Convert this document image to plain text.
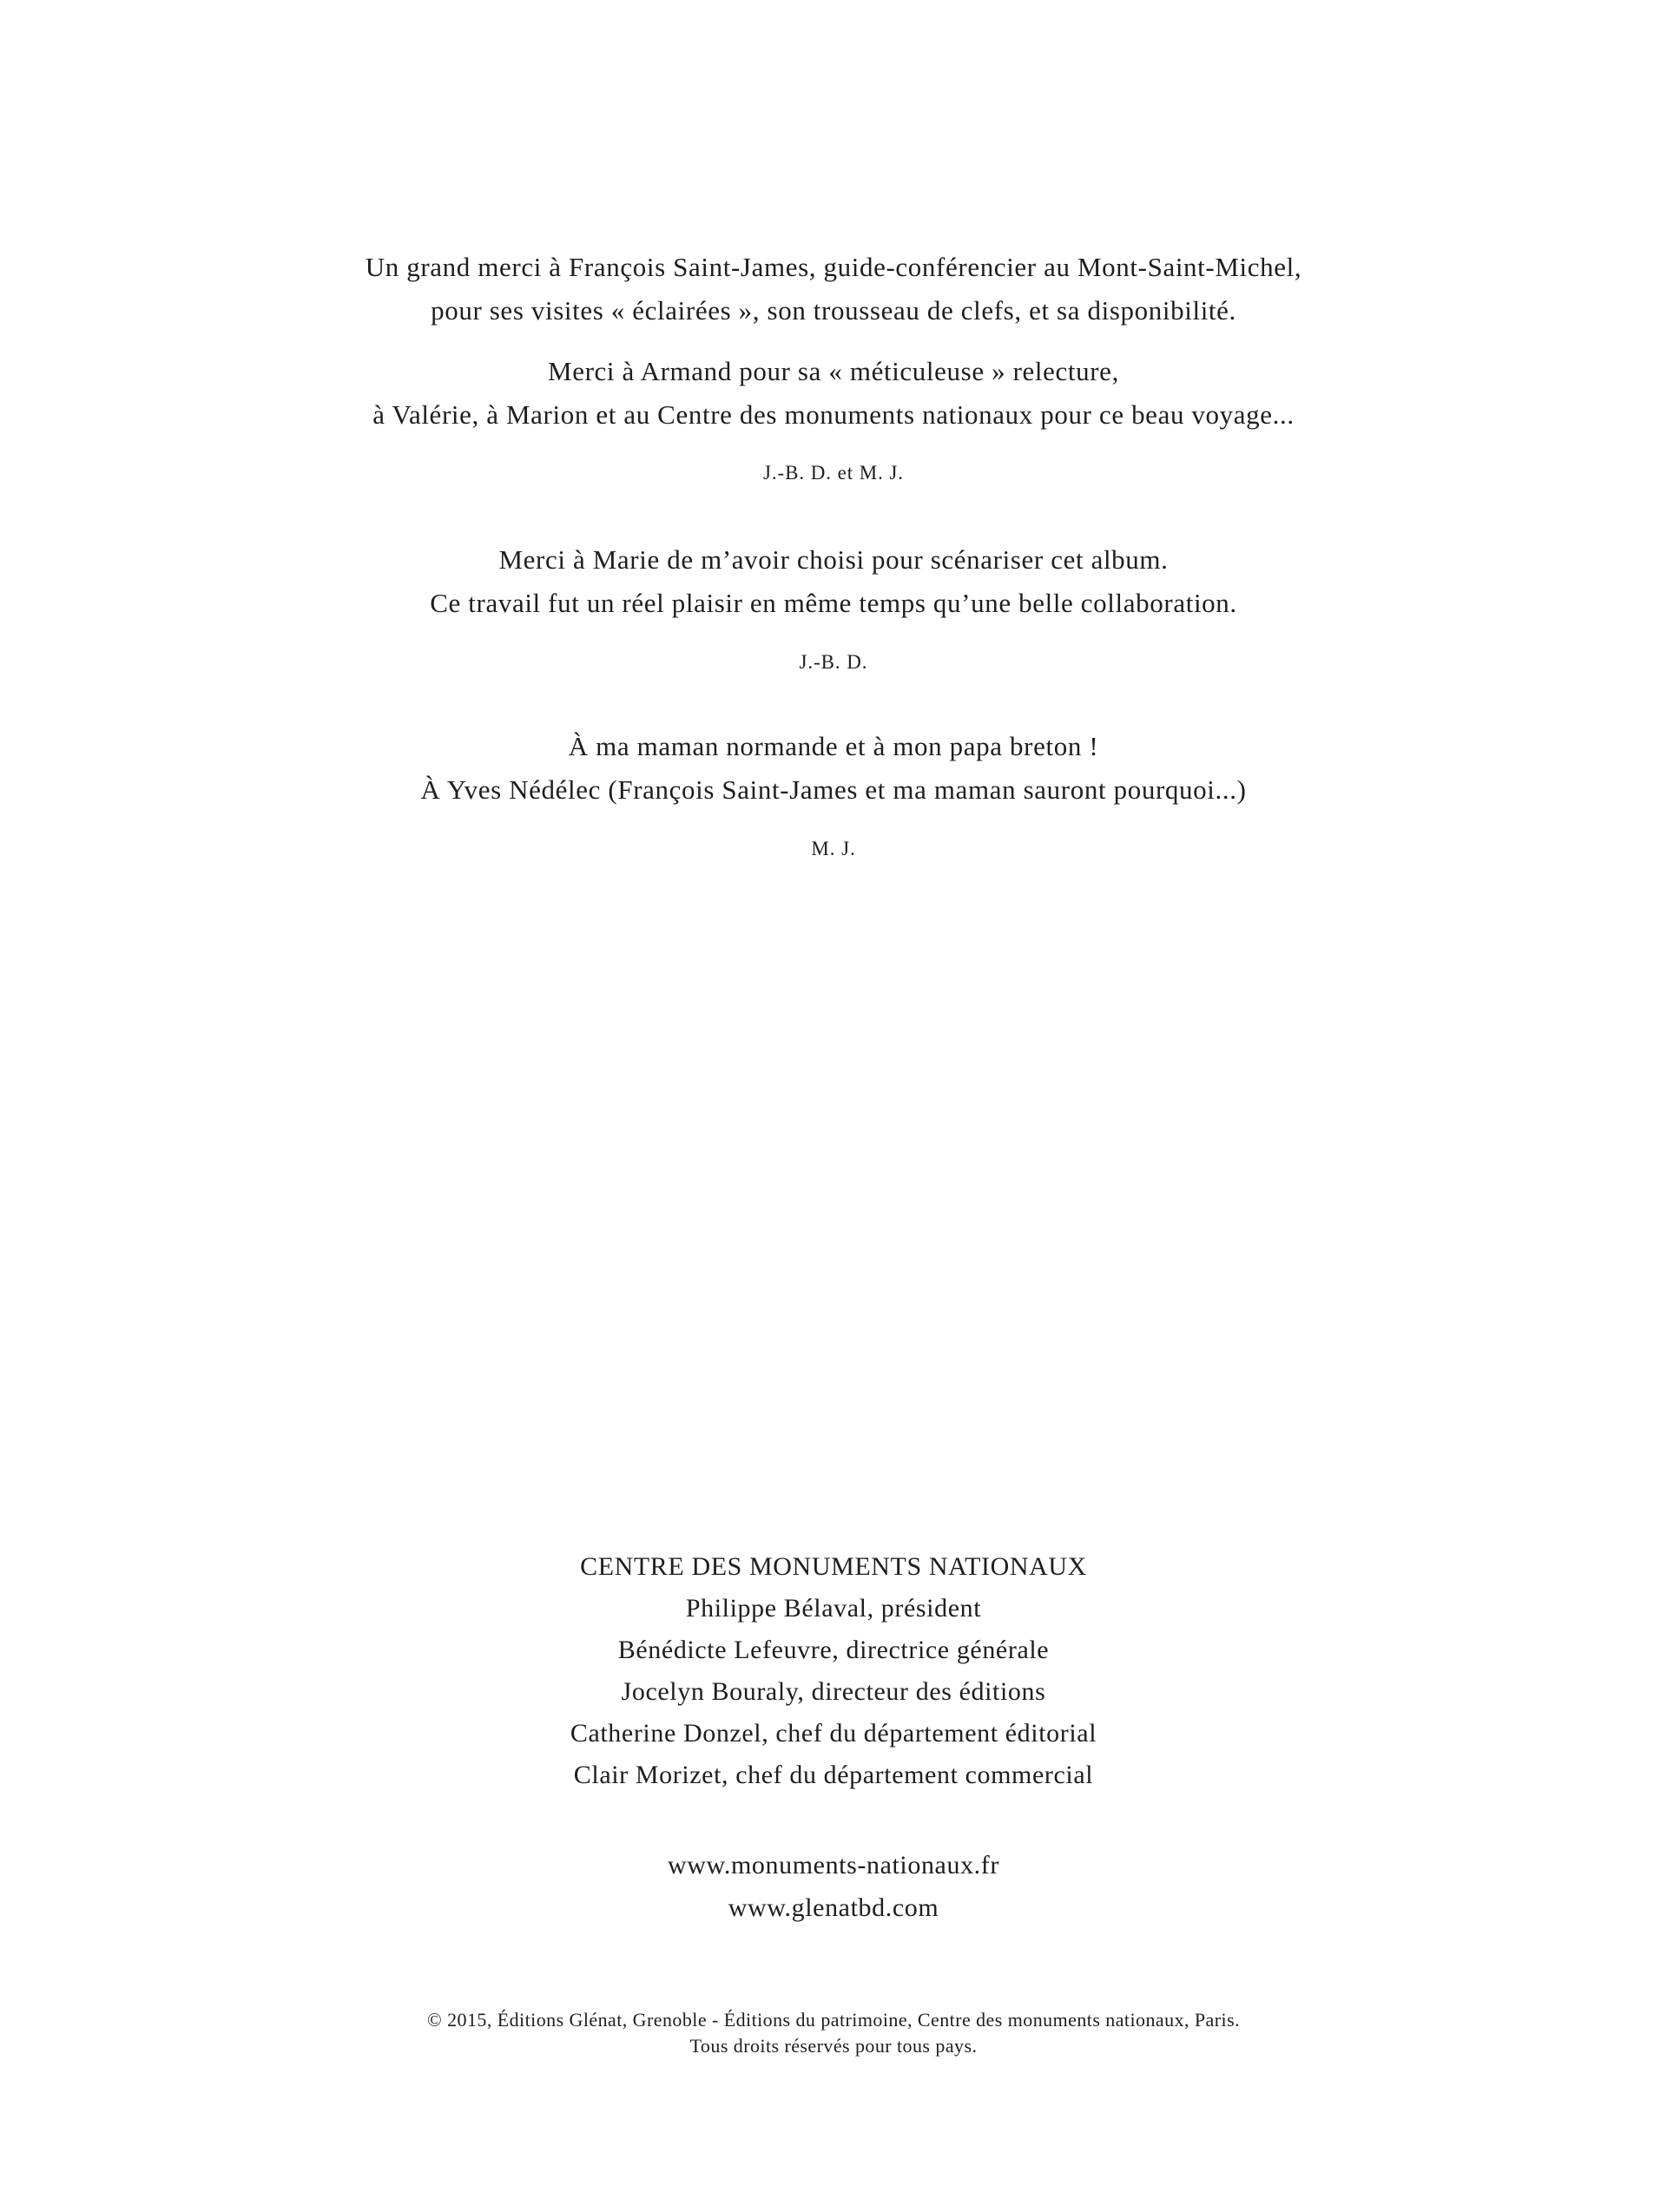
Un grand merci à François Saint-James, guide-conférencier au Mont-Saint-Michel,
pour ses visites « éclairées », son trousseau de clefs, et sa disponibilité.
Merci à Armand pour sa « méticuleuse » relecture,
à Valérie, à Marion et au Centre des monuments nationaux pour ce beau voyage...
J.-B. D. et M. J.
Merci à Marie de m’avoir choisi pour scénariser cet album.
Ce travail fut un réel plaisir en même temps qu’une belle collaboration.
J.-B. D.
À ma maman normande et à mon papa breton !
À Yves Nédélec (François Saint-James et ma maman sauront pourquoi...)
M. J.
CENTRE DES MONUMENTS NATIONAUX
Philippe Bélaval, président
Bénédicte Lefeuvre, directrice générale
Jocelyn Bouraly, directeur des éditions
Catherine Donzel, chef du département éditorial
Clair Morizet, chef du département commercial
www.monuments-nationaux.fr
www.glenatbd.com
© 2015, Éditions Glénat, Grenoble - Éditions du patrimoine, Centre des monuments nationaux, Paris.
Tous droits réservés pour tous pays.
